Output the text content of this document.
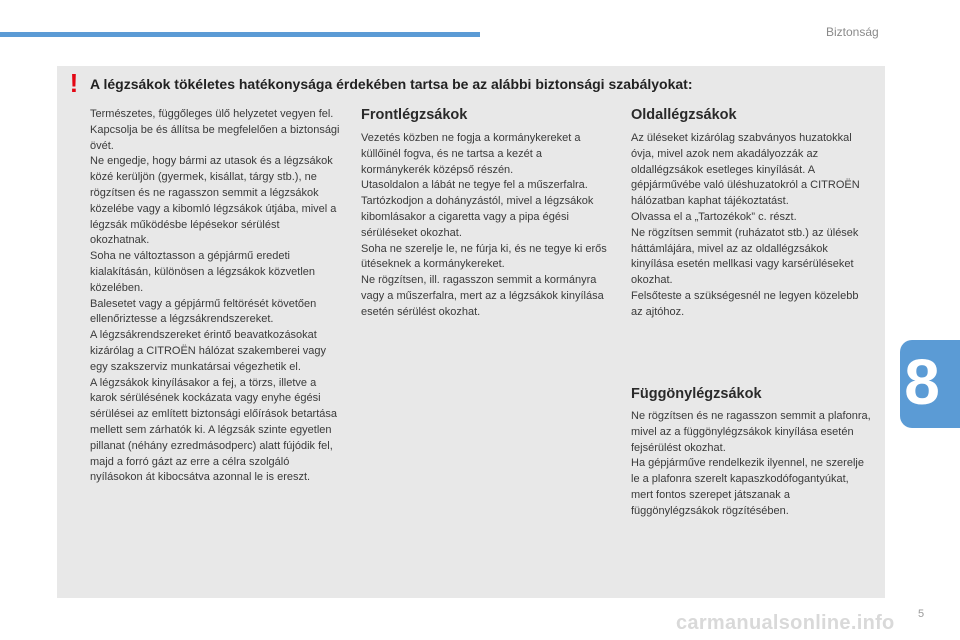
Biztonság
! A légzsákok tökéletes hatékonysága érdekében tartsa be az alábbi biztonsági szabályokat:

Természetes, függőleges ülő helyzetet vegyen fel.

Kapcsolja be és állítsa be megfelelően a biztonsági övét.

Ne engedje, hogy bármi az utasok és a légzsákok közé kerüljön (gyermek, kisállat, tárgy stb.), ne rögzítsen és ne ragasszon semmit a légzsákok közelébe vagy a kibomló légzsákok útjába, mivel a légzsák működésbe lépésekor sérülést okozhatnak.

Soha ne változtasson a gépjármű eredeti kialakításán, különösen a légzsákok közvetlen közelében.

Balesetet vagy a gépjármű feltörését követően ellenőriztesse a légzsákrendszereket.

A légzsákrendszereket érintő beavatkozásokat kizárólag a CITROËN hálózat szakemberei vagy egy szakszerviz munkatársai végezhetik el.

A légzsákok kinyílásakor a fej, a törzs, illetve a karok sérülésének kockázata vagy enyhe égési sérülései az említett biztonsági előírások betartása mellett sem zárhatók ki. A légzsák szinte egyetlen pillanat (néhány ezredmásodperc) alatt fújódik fel, majd a forró gázt az erre a célra szolgáló nyílásokon át kibocsátva azonnal le is ereszt.

Frontlégzsákok

Vezetés közben ne fogja a kormánykereket a küllőinél fogva, és ne tartsa a kezét a kormánykerék középső részén.

Utasoldalon a lábát ne tegye fel a műszerfalra.

Tartózkodjon a dohányzástól, mivel a légzsákok kibomlásakor a cigaretta vagy a pipa égési sérüléseket okozhat.

Soha ne szerelje le, ne fúrja ki, és ne tegye ki erős ütéseknek a kormánykereket.

Ne rögzítsen, ill. ragasszon semmit a kormányra vagy a műszerfalra, mert az a légzsákok kinyílása esetén sérülést okozhat.

Oldallégzsákok

Az üléseket kizárólag szabványos huzatokkal óvja, mivel azok nem akadályozzák az oldallégzsákok esetleges kinyílását. A gépjárművébe való üléshuzatokról a CITROËN hálózatban kaphat tájékoztatást.

Olvassa el a „Tartozékok” c. részt.

Ne rögzítsen semmit (ruházatot stb.) az ülések háttámlájára, mivel az az oldallégzsákok kinyílása esetén mellkasi vagy karsérüléseket okozhat.

Felsőteste a szükségesnél ne legyen közelebb az ajtóhoz.

Függönylégzsákok

Ne rögzítsen és ne ragasszon semmit a plafonra, mivel az a függönylégzsákok kinyílása esetén fejsérülést okozhat.

Ha gépjárműve rendelkezik ilyennel, ne szerelje le a plafonra szerelt kapaszkodófogantyúkat, mert fontos szerepet játszanak a függönylégzsákok rögzítésében.

8
carmanualsonline.info 5
